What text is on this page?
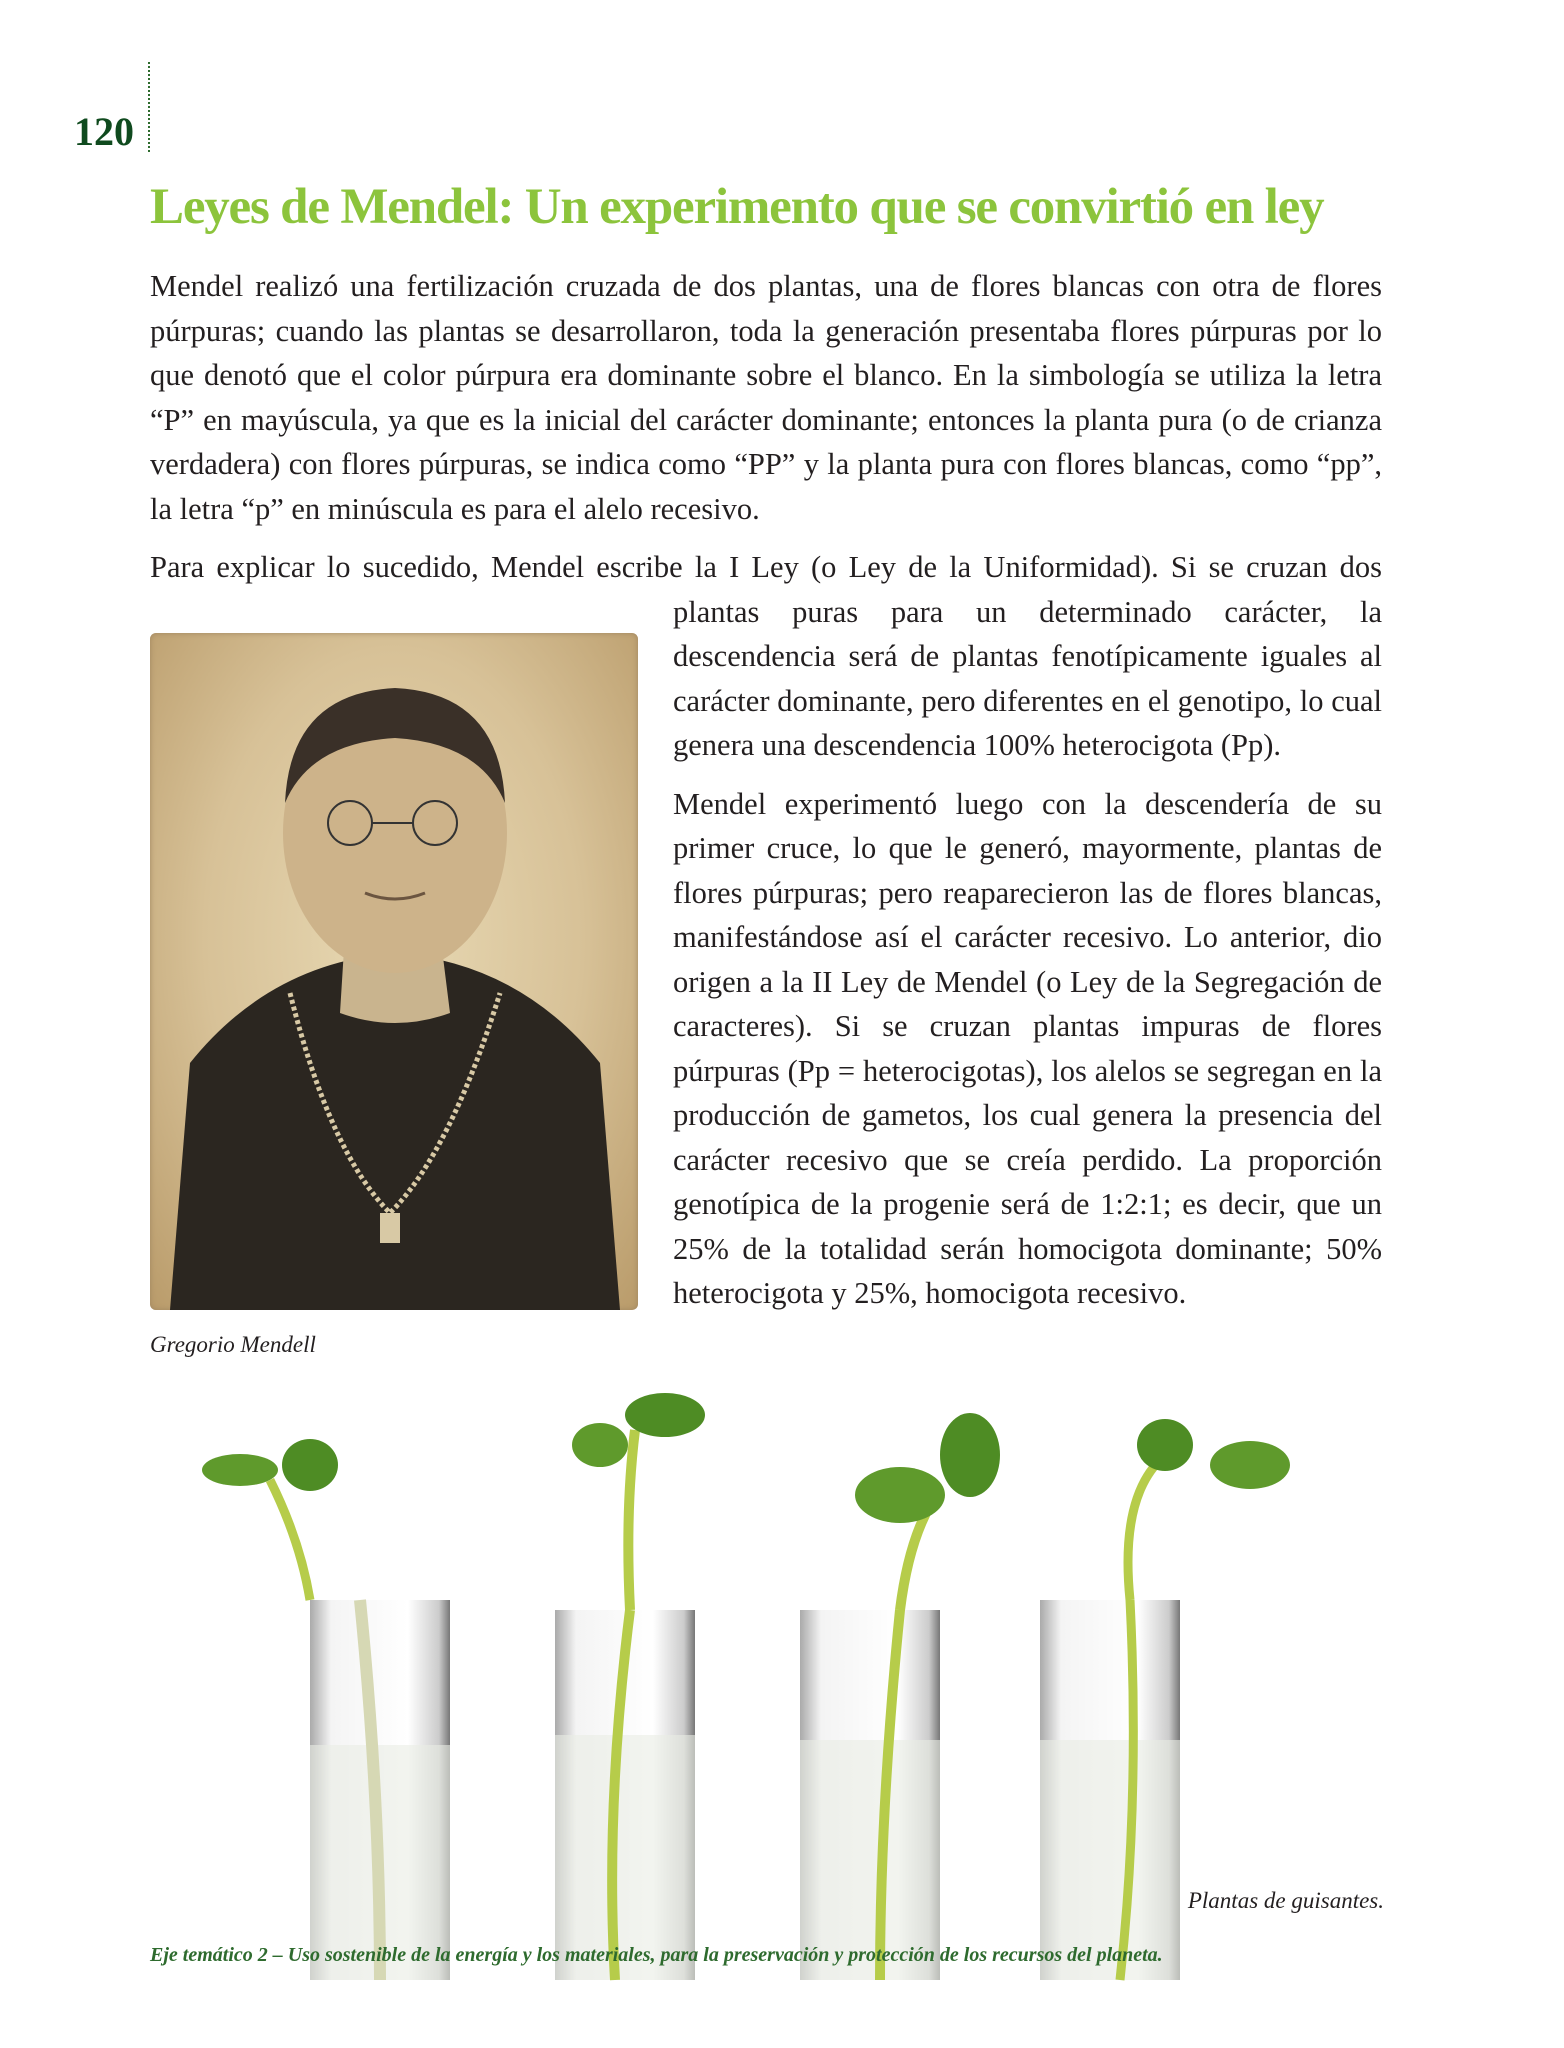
120
Leyes de Mendel: Un experimento que se convirtió en ley

Mendel realizó una fertilización cruzada de dos plantas, una de flores blancas con otra de flores púrpuras; cuando las plantas se desarrollaron, toda la generación presentaba flores púrpuras por lo que denotó que el color púrpura era dominante sobre el blanco. En la simbología se utiliza la letra “P” en mayúscula, ya que es la inicial del carácter dominante; entonces la planta pura (o de crianza verdadera) con flores púrpuras, se indica como “PP” y la planta pura con flores blancas, como “pp”, la letra “p” en minúscula es para el alelo recesivo.

Gregorio Mendell

Para explicar lo sucedido, Mendel escribe la I Ley (o Ley de la Uniformidad). Si se cruzan dos plantas puras para un determinado carácter, la descendencia será de plantas fenotípicamente iguales al carácter dominante, pero diferentes en el genotipo, lo cual genera una descendencia 100% heterocigota (Pp).

Mendel experimentó luego con la descendería de su primer cruce, lo que le generó, mayormente, plantas de flores púrpuras; pero reaparecieron las de flores blancas, manifestándose así el carácter recesivo. Lo anterior, dio origen a la II Ley de Mendel (o Ley de la Segregación de caracteres). Si se cruzan plantas impuras de flores púrpuras (Pp = heterocigotas), los alelos se segregan en la producción de gametos, los cual genera la presencia del carácter recesivo que se creía perdido. La proporción genotípica de la progenie será de 1:2:1; es decir, que un 25% de la totalidad serán homocigota dominante; 50% heterocigota y 25%, homocigota recesivo.

Plantas de guisantes.
Eje temático 2 – Uso sostenible de la energía y los materiales, para la preservación y protección de los recursos del planeta.
